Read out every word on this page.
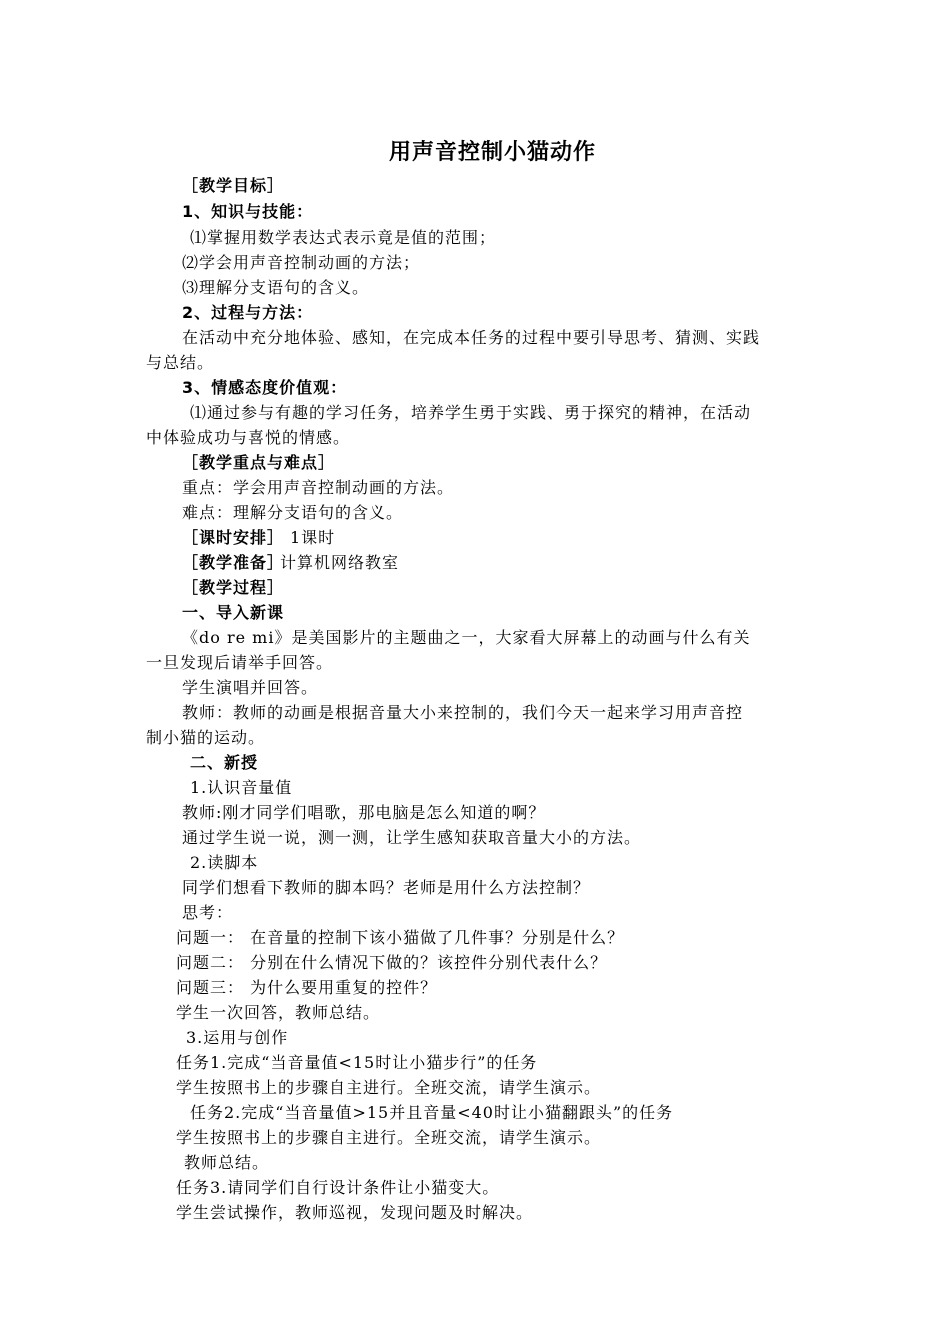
用声音控制小猫动作
［教学目标］
1、知识与技能：
⑴掌握用数学表达式表示竟是值的范围；
⑵学会用声音控制动画的方法；
⑶理解分支语句的含义。
2、过程与方法：
在活动中充分地体验、感知，在完成本任务的过程中要引导思考、猜测、实践
与总结。
3、情感态度价值观：
⑴通过参与有趣的学习任务，培养学生勇于实践、勇于探究的精神，在活动
中体验成功与喜悦的情感。
［教学重点与难点］
重点：学会用声音控制动画的方法。
难点：理解分支语句的含义。
［课时安排］ 1课时
［教学准备］
计算机网络教室
［教学过程］
一、导入新课
《do re mi》是美国影片的主题曲之一，大家看大屏幕上的动画与什么有关
一旦发现后请举手回答。
学生演唱并回答。
教师：教师的动画是根据音量大小来控制的，我们今天一起来学习用声音控
制小猫的运动。
二、新授
1.认识音量值
教师:刚才同学们唱歌，那电脑是怎么知道的啊？
通过学生说一说，测一测，让学生感知获取音量大小的方法。
2.读脚本
同学们想看下教师的脚本吗？老师是用什么方法控制？
思考：
问题一： 在音量的控制下该小猫做了几件事？分别是什么？
问题二： 分别在什么情况下做的？该控件分别代表什么？
问题三： 为什么要用重复的控件？
学生一次回答，教师总结。
3.运用与创作
任务1.完成“当音量值<15时让小猫步行”的任务
学生按照书上的步骤自主进行。全班交流，请学生演示。
任务2.完成“当音量值>15并且音量<40时让小猫翻跟头”的任务
学生按照书上的步骤自主进行。全班交流，请学生演示。
教师总结。
任务3.请同学们自行设计条件让小猫变大。
学生尝试操作，教师巡视，发现问题及时解决。
